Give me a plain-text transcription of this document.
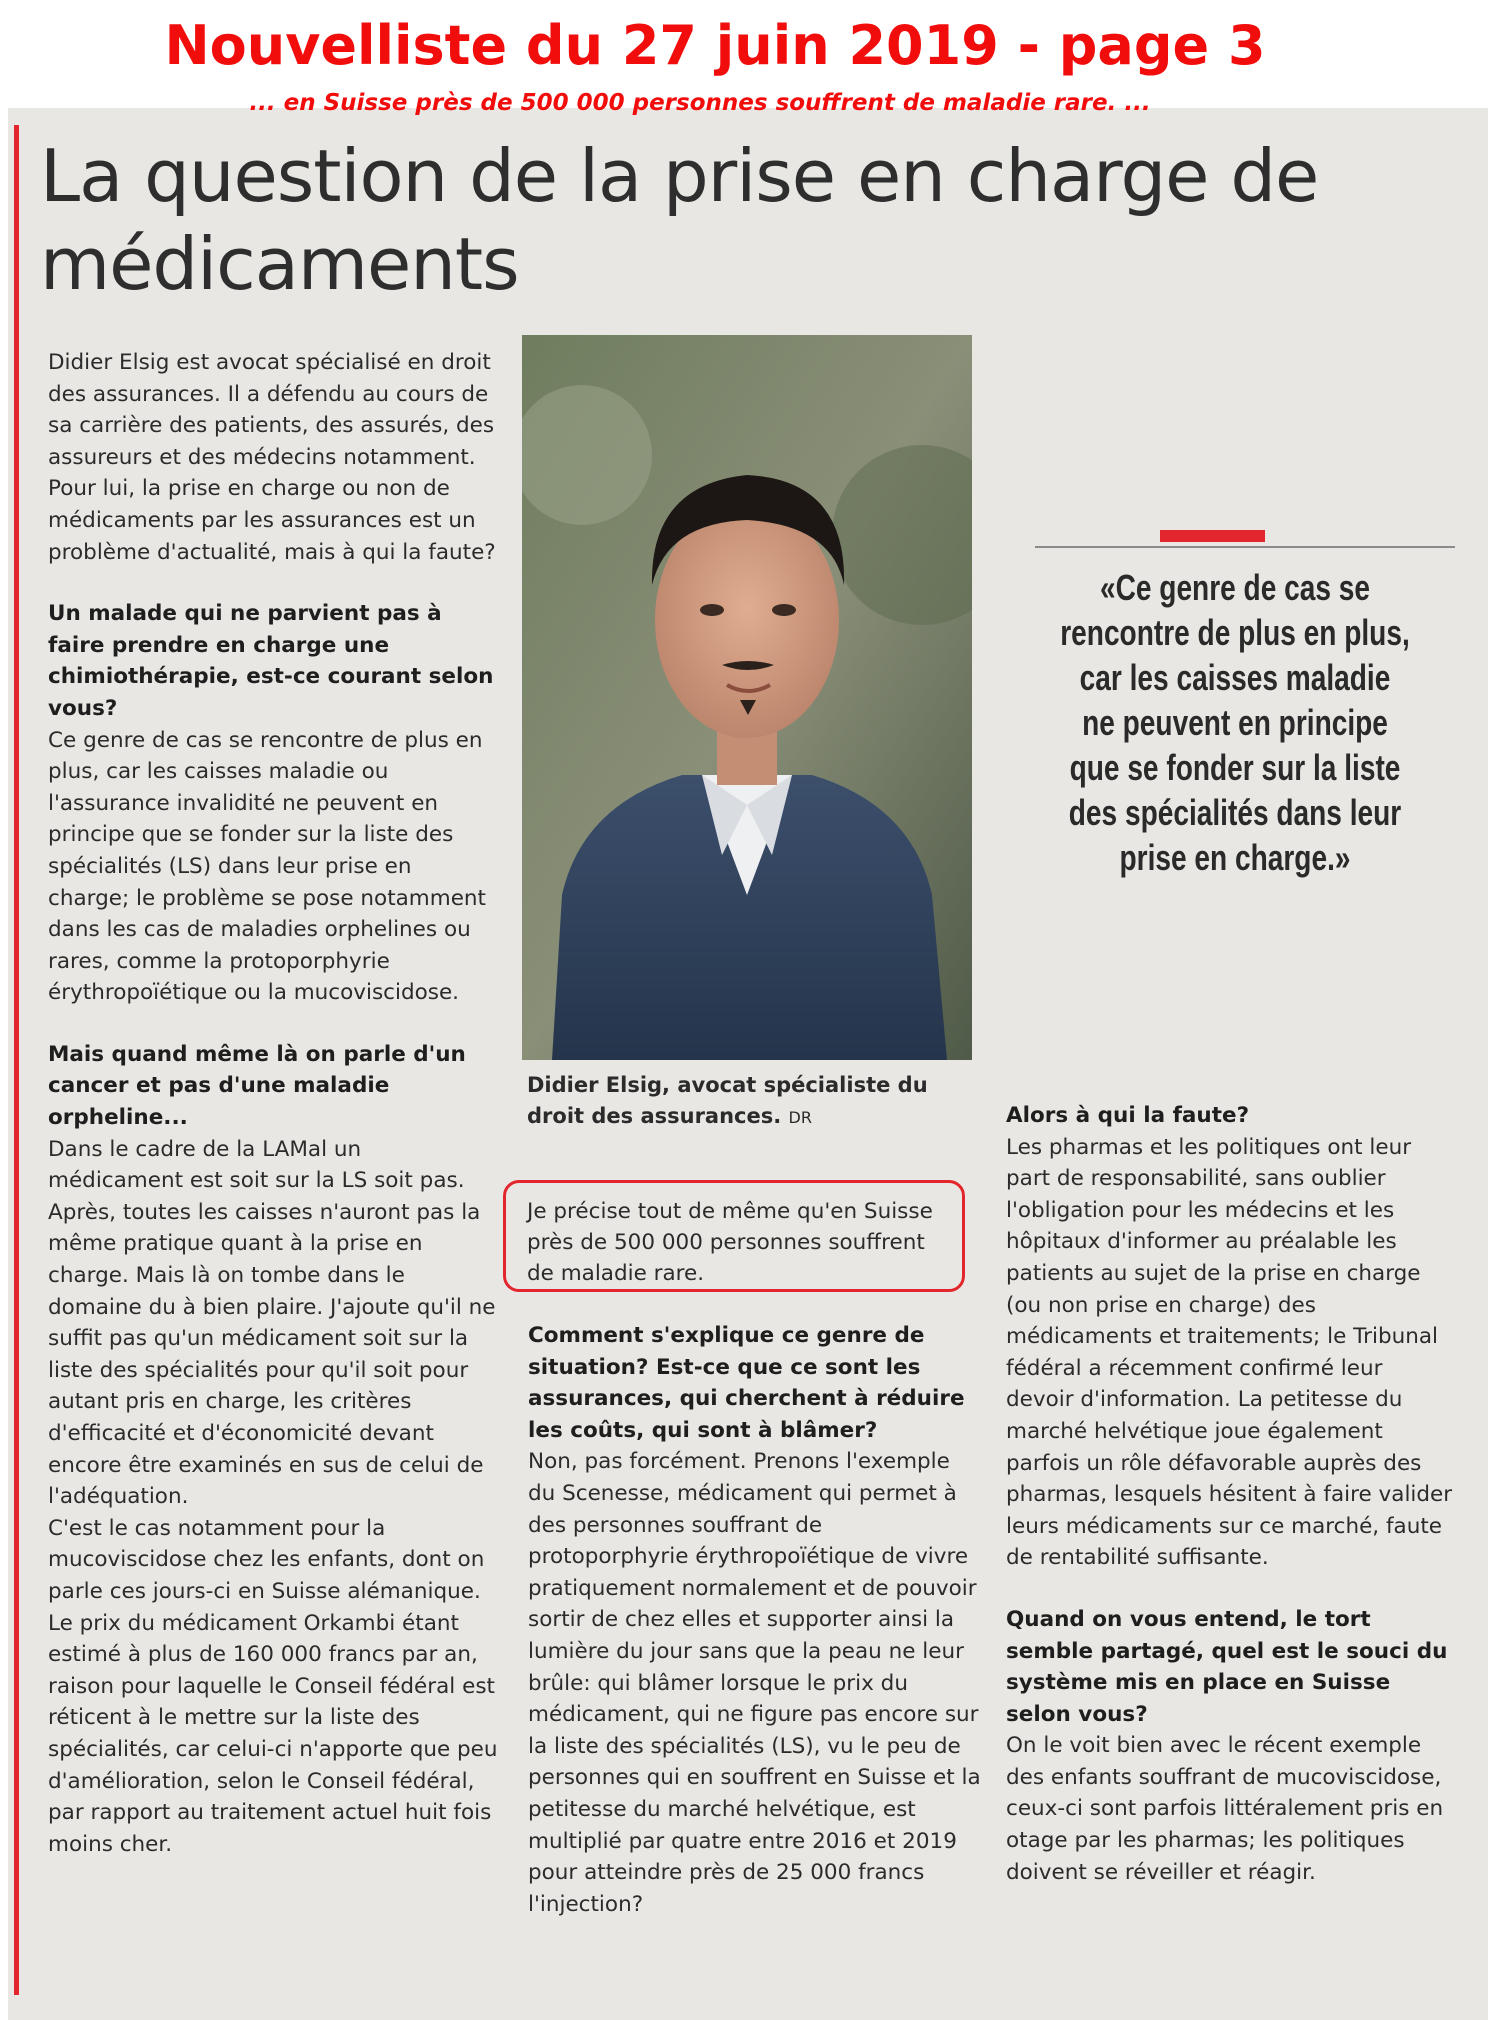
Nouvelliste du 27 juin 2019 - page 3
... en Suisse près de 500 000 personnes souffrent de maladie rare. ...
La question de la prise en charge de médicaments

Didier Elsig est avocat spécialisé en droit des assurances. Il a défendu au cours de sa carrière des patients, des assurés, des assureurs et des médecins notamment. Pour lui, la prise en charge ou non de médicaments par les assurances est un problème d'actualité, mais à qui la faute?

Un malade qui ne parvient pas à faire prendre en charge une chimiothérapie, est-ce courant selon vous?

Ce genre de cas se rencontre de plus en plus, car les caisses maladie ou l'assurance invalidité ne peuvent en principe que se fonder sur la liste des spécialités (LS) dans leur prise en charge; le problème se pose notamment dans les cas de maladies orphelines ou rares, comme la protoporphyrie érythropoïétique ou la mucoviscidose.

Mais quand même là on parle d'un cancer et pas d'une maladie orpheline...

Dans le cadre de la LAMal un médicament est soit sur la LS soit pas. Après, toutes les caisses n'auront pas la même pratique quant à la prise en charge. Mais là on tombe dans le domaine du à bien plaire. J'ajoute qu'il ne suffit pas qu'un médicament soit sur la liste des spécialités pour qu'il soit pour autant pris en charge, les critères d'efficacité et d'économicité devant encore être examinés en sus de celui de l'adéquation.

C'est le cas notamment pour la mucoviscidose chez les enfants, dont on parle ces jours-ci en Suisse alémanique. Le prix du médicament Orkambi étant estimé à plus de 160 000 francs par an, raison pour laquelle le Conseil fédéral est réticent à le mettre sur la liste des spécialités, car celui-ci n'apporte que peu d'amélioration, selon le Conseil fédéral, par rapport au traitement actuel huit fois moins cher.

Didier Elsig, avocat spécialiste du droit des assurances. DR
Je précise tout de même qu'en Suisse près de 500 000 personnes souffrent de maladie rare.

Comment s'explique ce genre de situation? Est-ce que ce sont les assurances, qui cherchent à réduire les coûts, qui sont à blâmer?

Non, pas forcément. Prenons l'exemple du Scenesse, médicament qui permet à des personnes souffrant de protoporphyrie érythropoïétique de vivre pratiquement normalement et de pouvoir sortir de chez elles et supporter ainsi la lumière du jour sans que la peau ne leur brûle: qui blâmer lorsque le prix du médicament, qui ne figure pas encore sur la liste des spécialités (LS), vu le peu de personnes qui en souffrent en Suisse et la petitesse du marché helvétique, est multiplié par quatre entre 2016 et 2019 pour atteindre près de 25 000 francs l'injection?

«Ce genre de cas se rencontre de plus en plus, car les caisses maladie ne peuvent en principe que se fonder sur la liste des spécialités dans leur prise en charge.»

Alors à qui la faute?

Les pharmas et les politiques ont leur part de responsabilité, sans oublier l'obligation pour les médecins et les hôpitaux d'informer au préalable les patients au sujet de la prise en charge (ou non prise en charge) des médicaments et traitements; le Tribunal fédéral a récemment confirmé leur devoir d'information. La petitesse du marché helvétique joue également parfois un rôle défavorable auprès des pharmas, lesquels hésitent à faire valider leurs médicaments sur ce marché, faute de rentabilité suffisante.

Quand on vous entend, le tort semble partagé, quel est le souci du système mis en place en Suisse selon vous?

On le voit bien avec le récent exemple des enfants souffrant de mucoviscidose, ceux-ci sont parfois littéralement pris en otage par les pharmas; les politiques doivent se réveiller et réagir.
